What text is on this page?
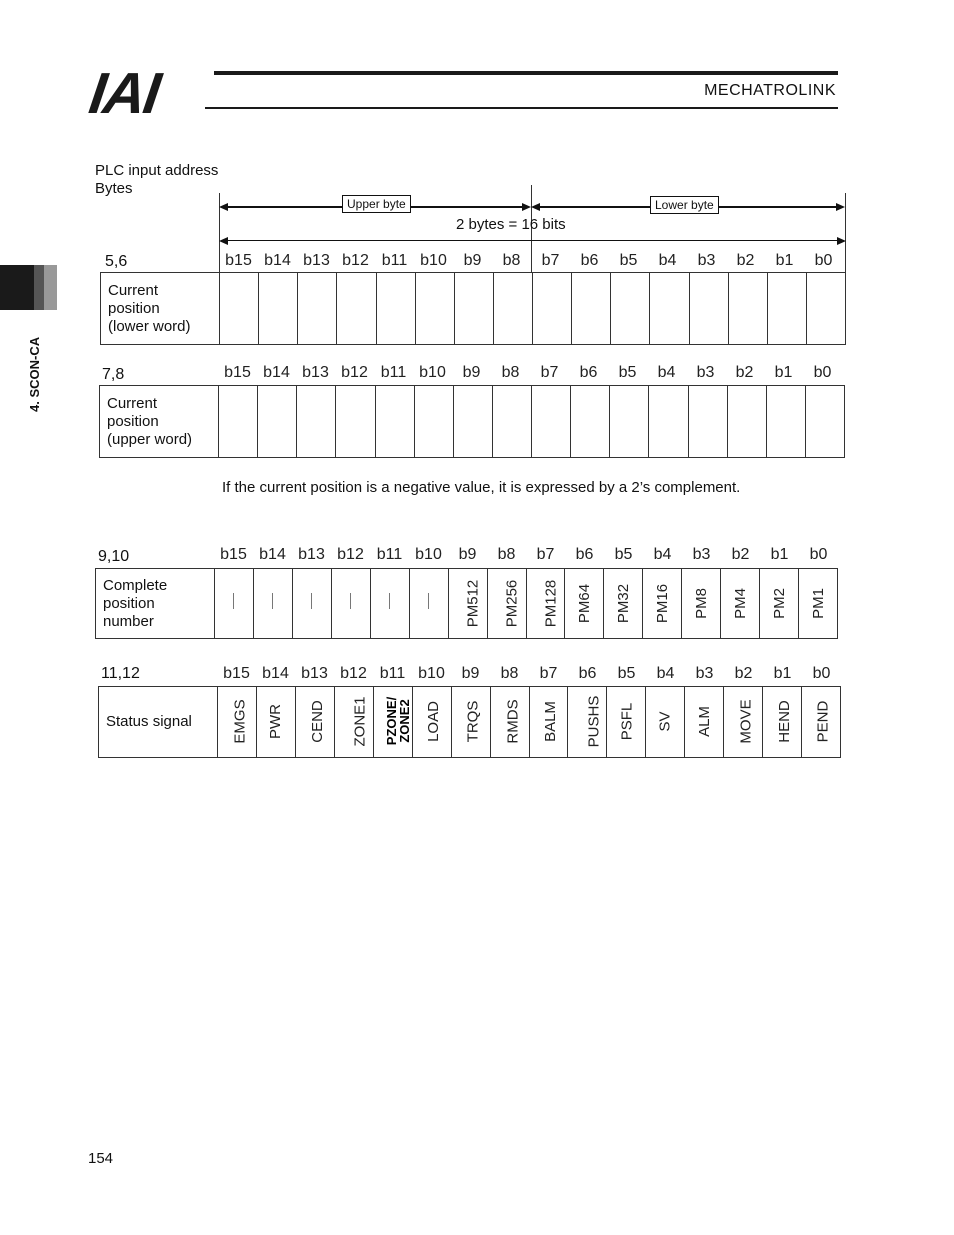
IAI	MECHATROLINK
4. SCON-CA
PLC input address
Bytes
Upper byte	Lower byte
2 bytes = 16 bits
5,6	b15 b14 b13 b12 b11 b10	b9	b8	b7	b6	b5	b4	b3	b2	b1	b0
Current
position
(lower word)

7,8	b15 b14 b13 b12 b11 b10	b9	b8	b7	b6	b5	b4	b3	b2	b1	b0
Current
position
(upper word)

If the current position is a negative value, it is expressed by a 2’s complement.
9,10	b15 b14 b13 b12 b11 b10	b9	b8	b7	b6	b5	b4	b3	b2	b1	b0
Complete
position
number							PM512	PM256	PM128	PM64	PM32	PM16	PM8	PM4	PM2	PM1
11,12	b15 b14 b13 b12 b11 b10	b9	b8	b7	b6	b5	b4	b3	b2	b1	b0
Status signal	EMGS	PWR	CEND	ZONE1	PZONE/
ZONE2	LOAD	TRQS	RMDS	BALM	PUSHS	PSFL	SV	ALM	MOVE	HEND	PEND
154
